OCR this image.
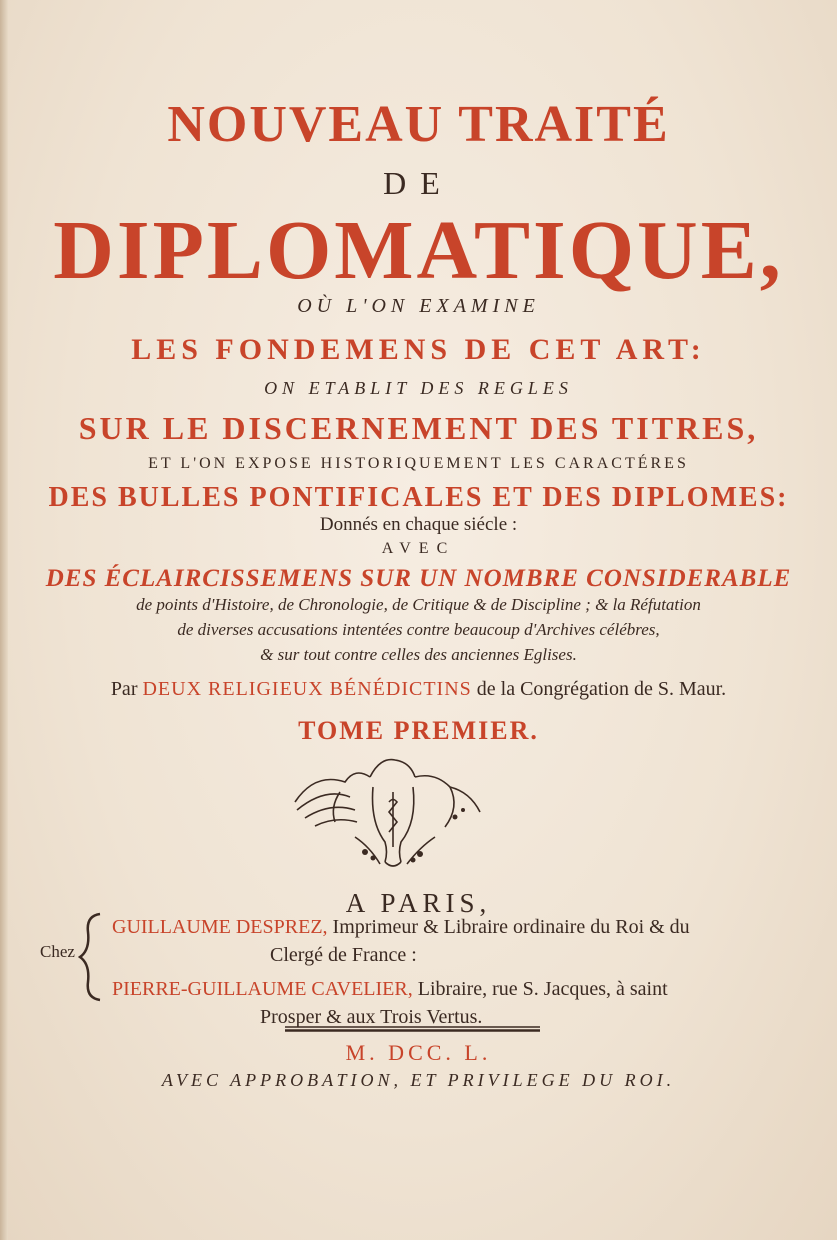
NOUVEAU TRAITÉ
DE
DIPLOMATIQUE,
OÙ L'ON EXAMINE
LES FONDEMENS DE CET ART:
ON ETABLIT DES REGLES
SUR LE DISCERNEMENT DES TITRES,
ET L'ON EXPOSE HISTORIQUEMENT LES CARACTÉRES
DES BULLES PONTIFICALES ET DES DIPLOMES:
Donnés en chaque siécle :
AVEC
DES ÉCLAIRCISSEMENS SUR UN NOMBRE CONSIDERABLE
de points d'Histoire, de Chronologie, de Critique & de Discipline ; & la Réfutation
de diverses accusations intentées contre beaucoup d'Archives célébres,
& sur tout contre celles des anciennes Eglises.
Par DEUX RELIGIEUX BÉNÉDICTINS de la Congrégation de S. Maur.
TOME PREMIER.
A PARIS,
Chez
GUILLAUME DESPREZ, Imprimeur & Libraire ordinaire du Roi & du
Clergé de France :
PIERRE-GUILLAUME CAVELIER, Libraire, rue S. Jacques, à saint
Prosper & aux Trois Vertus.
M. DCC. L.
AVEC APPROBATION, ET PRIVILEGE DU ROI.
